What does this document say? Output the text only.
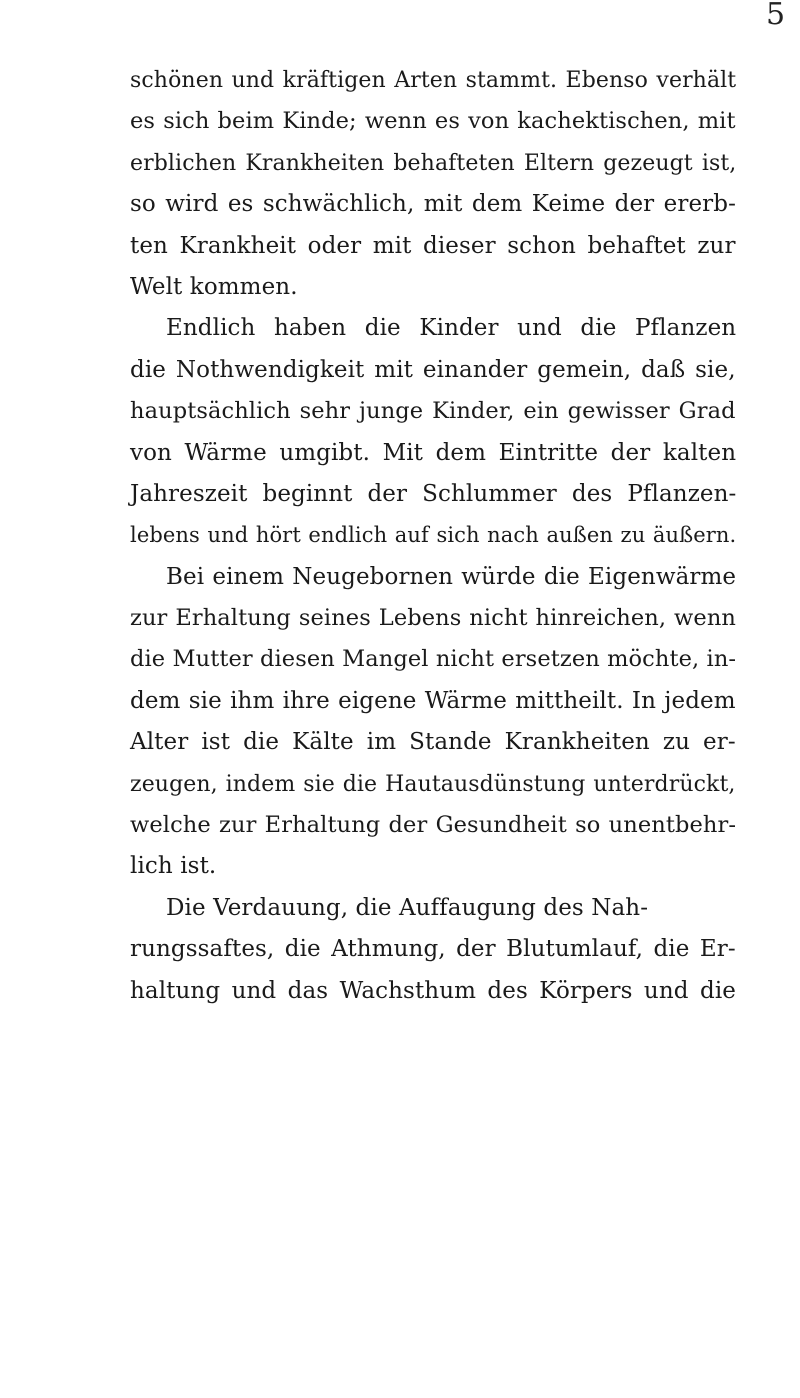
5
schönen und kräftigen Arten stammt. Ebenso verhält
es sich beim Kinde; wenn es von kachektischen, mit
erblichen Krankheiten behafteten Eltern gezeugt ist,
so wird es schwächlich, mit dem Keime der ererb-
ten Krankheit oder mit dieser schon behaftet zur
Welt kommen.
Endlich haben die Kinder und die Pflanzen
die Nothwendigkeit mit einander gemein, daß sie,
hauptsächlich sehr junge Kinder, ein gewisser Grad
von Wärme umgibt. Mit dem Eintritte der kalten
Jahreszeit beginnt der Schlummer des Pflanzen-
lebens und hört endlich auf sich nach außen zu äußern.
Bei einem Neugebornen würde die Eigenwärme
zur Erhaltung seines Lebens nicht hinreichen, wenn
die Mutter diesen Mangel nicht ersetzen möchte, in-
dem sie ihm ihre eigene Wärme mittheilt. In jedem
Alter ist die Kälte im Stande Krankheiten zu er-
zeugen, indem sie die Hautausdünstung unterdrückt,
welche zur Erhaltung der Gesundheit so unentbehr-
lich ist.
Die Verdauung, die Auffaugung des Nah-
rungssaftes, die Athmung, der Blutumlauf, die Er-
haltung und das Wachsthum des Körpers und die
